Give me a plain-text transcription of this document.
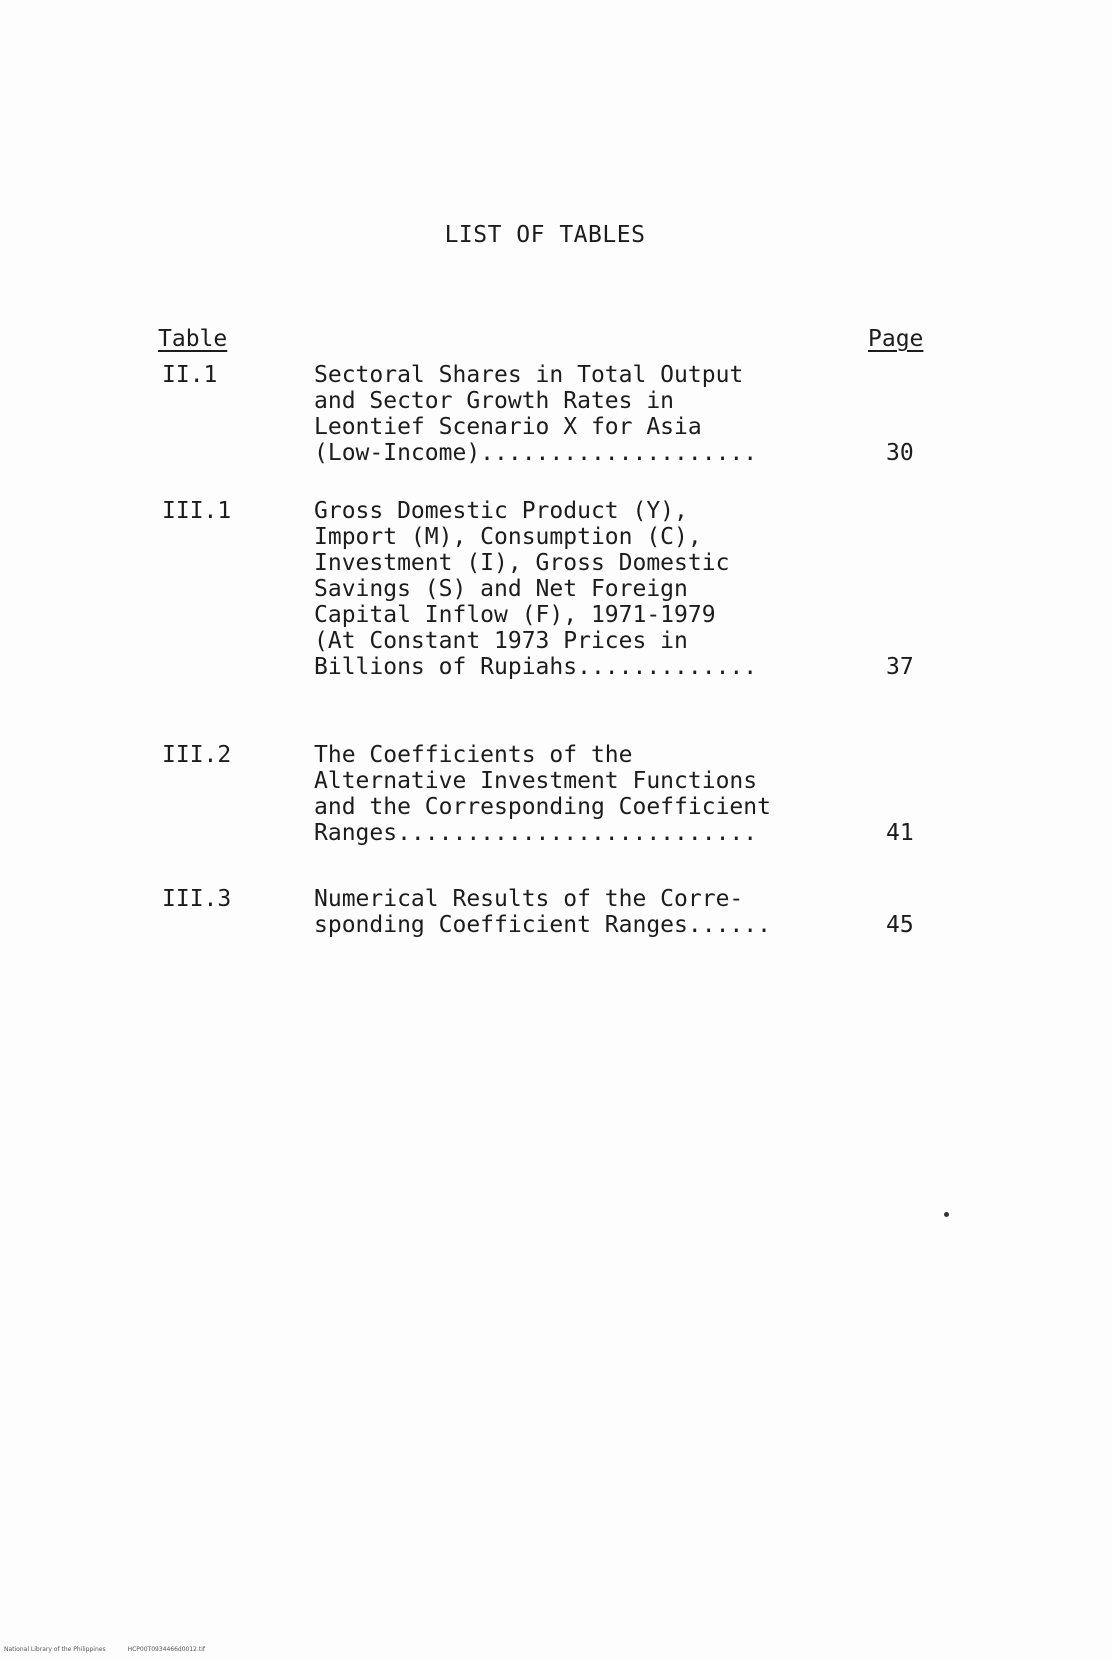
LIST OF TABLES
Table	Page
II.1	Sectoral Shares in Total Output
and Sector Growth Rates in
Leontief Scenario X for Asia
(Low-Income)....................	30
III.1	Gross Domestic Product (Y),
Import (M), Consumption (C),
Investment (I), Gross Domestic
Savings (S) and Net Foreign
Capital Inflow (F), 1971-1979
(At Constant 1973 Prices in
Billions of Rupiahs.............	37
III.2	The Coefficients of the
Alternative Investment Functions
and the Corresponding Coefficient
Ranges..........................	41
III.3	Numerical Results of the Corre-
sponding Coefficient Ranges......	45
National Library of the Philippines	HCP00T0934466d0012.tif
